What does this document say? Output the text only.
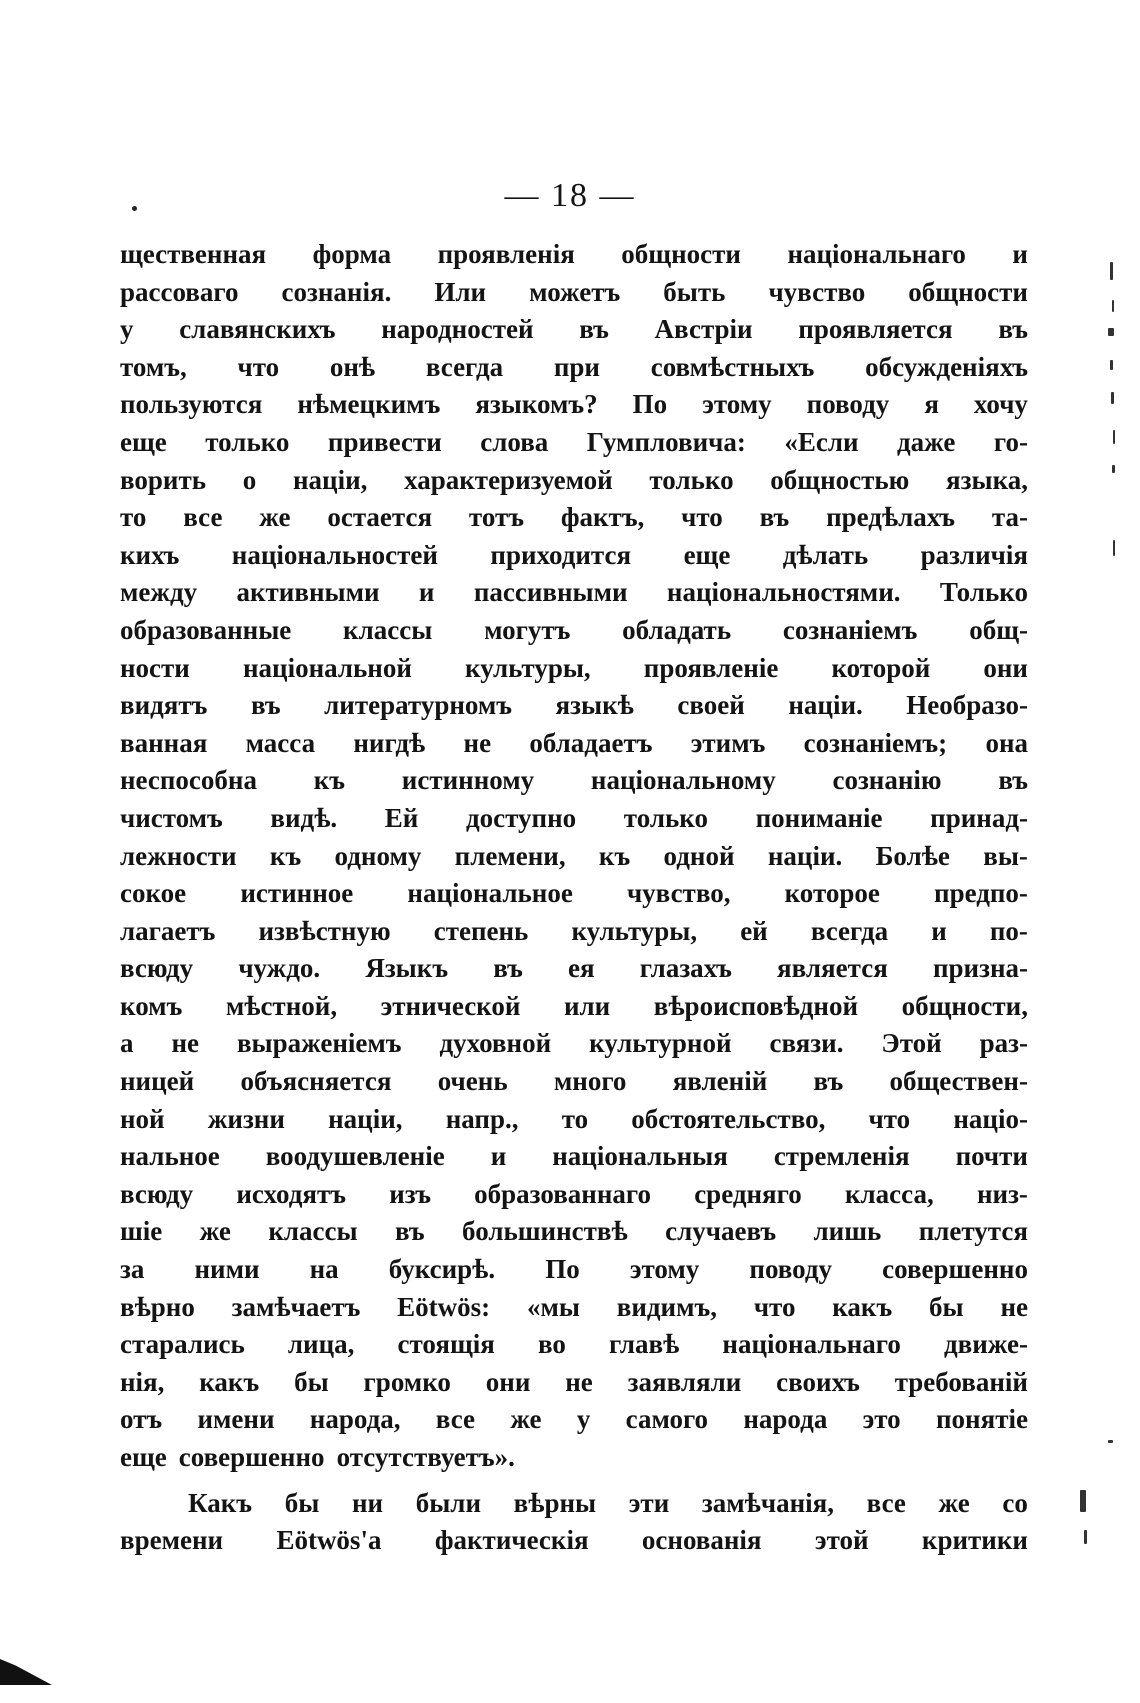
— 18 —
щественная форма проявленія общности національнаго и
рассоваго сознанія. Или можетъ быть чувство общности
у славянскихъ народностей въ Австріи проявляется въ
томъ, что онѣ всегда при совмѣстныхъ обсужденіяхъ
пользуются нѣмецкимъ языкомъ? По этому поводу я хочу
еще только привести слова Гумпловича: «Если даже го-
ворить о націи, характеризуемой только общностью языка,
то все же остается тотъ фактъ, что въ предѣлахъ та-
кихъ національностей приходится еще дѣлать различія
между активными и пассивными національностями. Только
образованные классы могутъ обладать сознаніемъ общ-
ности національной культуры, проявленіе которой они
видятъ въ литературномъ языкѣ своей націи. Необразо-
ванная масса нигдѣ не обладаетъ этимъ сознаніемъ; она
неспособна къ истинному національному сознанію въ
чистомъ видѣ. Ей доступно только пониманіе принад-
лежности къ одному племени, къ одной націи. Болѣе вы-
сокое истинное національное чувство, которое предпо-
лагаетъ извѣстную степень культуры, ей всегда и по-
всюду чуждо. Языкъ въ ея глазахъ является призна-
комъ мѣстной, этнической или вѣроисповѣдной общности,
а не выраженіемъ духовной культурной связи. Этой раз-
ницей объясняется очень много явленій въ обществен-
ной жизни націи, напр., то обстоятельство, что націо-
нальное воодушевленіе и національныя стремленія почти
всюду исходятъ изъ образованнаго средняго класса, низ-
шіе же классы въ большинствѣ случаевъ лишь плетутся
за ними на буксирѣ. По этому поводу совершенно
вѣрно замѣчаетъ Eötwös: «мы видимъ, что какъ бы не
старались лица, стоящія во главѣ національнаго движе-
нія, какъ бы громко они не заявляли своихъ требованій
отъ имени народа, все же у самого народа это понятіе
еще совершенно отсутствуетъ».
Какъ бы ни были вѣрны эти замѣчанія, все же со
времени Eötwös'а фактическія основанія этой критики
